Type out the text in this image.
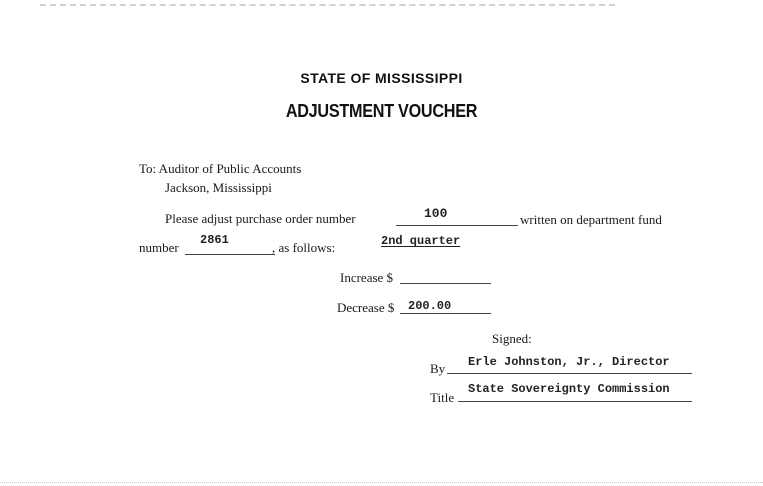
STATE OF MISSISSIPPI
ADJUSTMENT VOUCHER
To: Auditor of Public Accounts
Jackson, Mississippi
Please adjust purchase order number	100	written on department fund
number 2861	, as follows:	2nd quarter
Increase $
Decrease $ 200.00
Signed:
By Erle Johnston, Jr., Director
Title
State Sovereignty Commission
